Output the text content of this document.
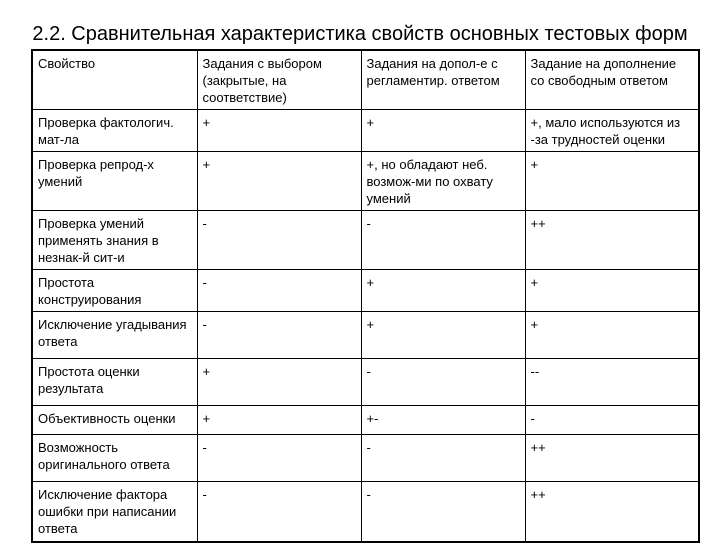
2.2. Сравнительная характеристика свойств основных тестовых форм
Свойство	Задания с выбором (закрытые, на соответствие)	Задания на допол-е с регламентир. ответом	Задание на дополнение со свободным ответом
Проверка фактологич. мат-ла	+	+	+, мало используются из -за трудностей оценки
Проверка репрод-х умений	+	+, но обладают неб. возмож-ми по охвату умений	+
Проверка умений применять знания в незнак-й сит-и	-	-	++
Простота конструирования	-	+	+
Исключение угадывания ответа	-	+	+
Простота оценки результата	+	-	--
Объективность оценки	+	+-	-
Возможность оригинального ответа	-	-	++
Исключение фактора ошибки при написании ответа	-	-	++
